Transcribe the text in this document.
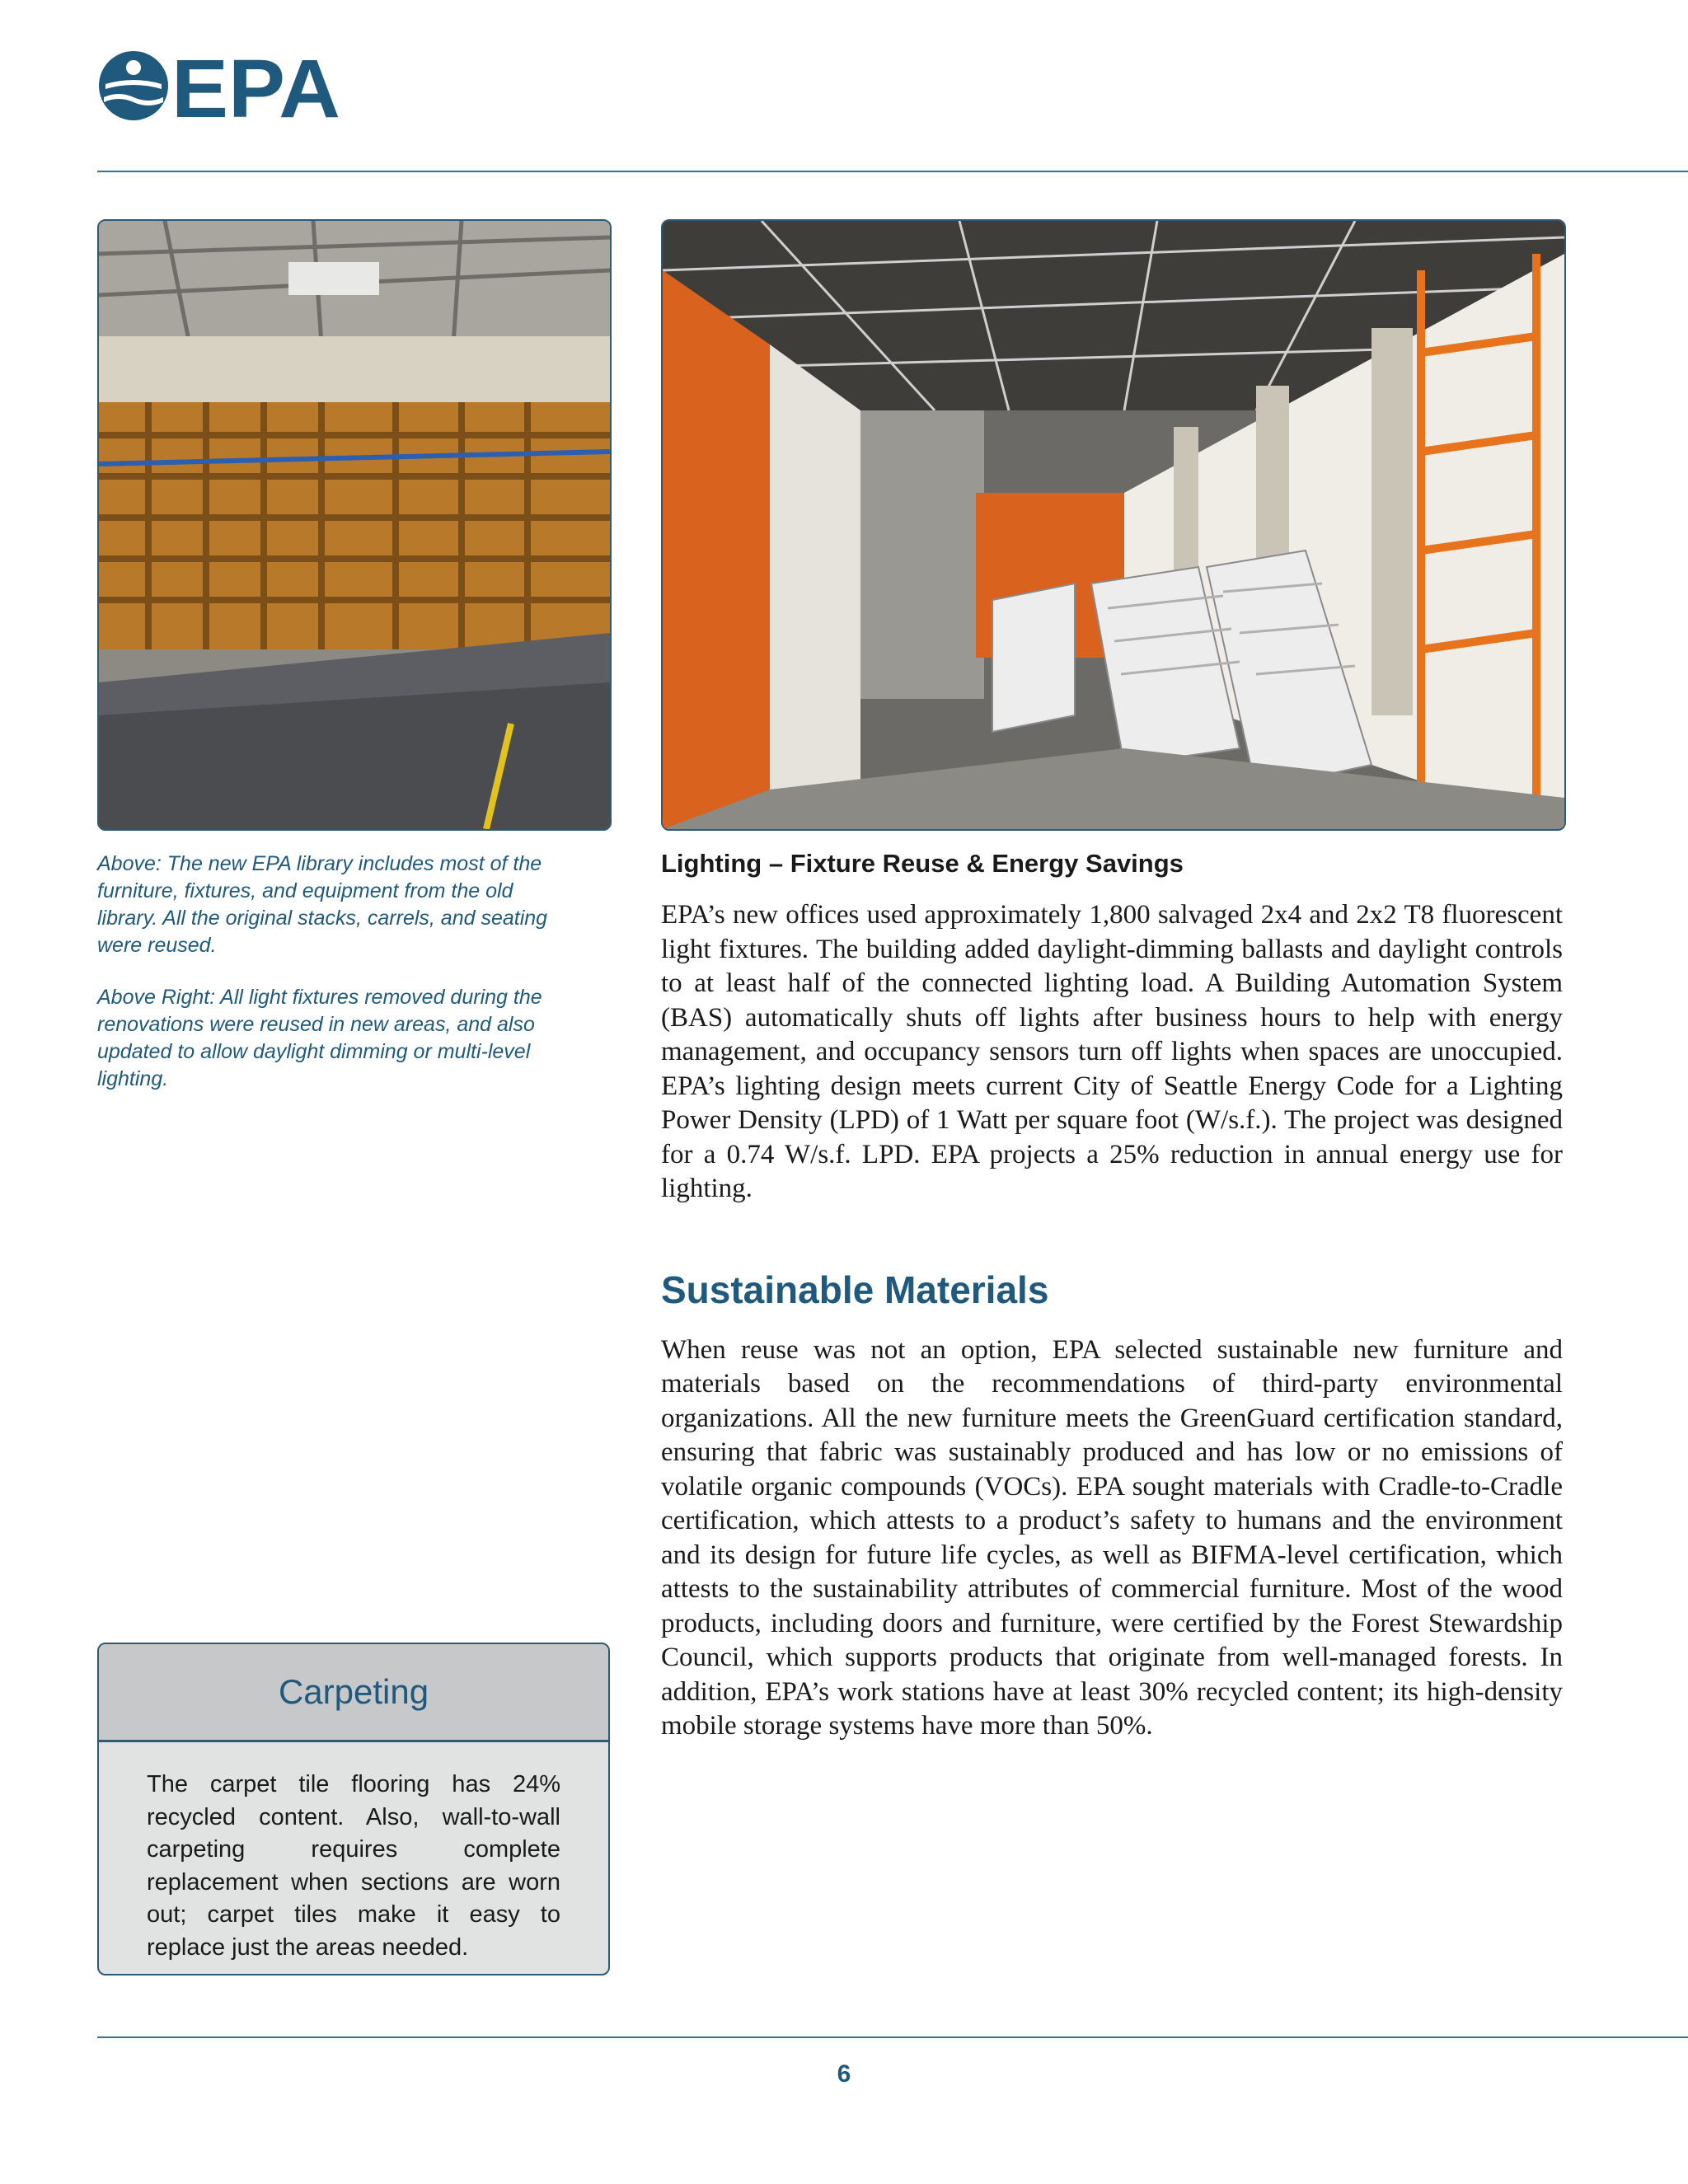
EPA

Above: The new EPA library includes most of the furniture, fixtures, and equipment from the old library. All the original stacks, carrels, and seating were reused.

Above Right: All light fixtures removed during the renovations were reused in new areas, and also updated to allow daylight dimming or multi-level lighting.

Lighting – Fixture Reuse & Energy Savings

EPA’s new offices used approximately 1,800 salvaged 2x4 and 2x2 T8 fluorescent light fixtures. The building added daylight-dimming ballasts and daylight controls to at least half of the connected lighting load. A Building Automation System (BAS) automatically shuts off lights after business hours to help with energy management, and occupancy sensors turn off lights when spaces are unoccupied. EPA’s lighting design meets current City of Seattle Energy Code for a Lighting Power Density (LPD) of 1 Watt per square foot (W/s.f.). The project was designed for a 0.74 W/s.f. LPD. EPA projects a 25% reduction in annual energy use for lighting.

Sustainable Materials

When reuse was not an option, EPA selected sustainable new furniture and materials based on the recommendations of third-party environmental organizations. All the new furniture meets the GreenGuard certification standard, ensuring that fabric was sustainably produced and has low or no emissions of volatile organic compounds (VOCs). EPA sought materials with Cradle-to-Cradle certification, which attests to a product’s safety to humans and the environment and its design for future life cycles, as well as BIFMA-level certification, which attests to the sustainability attributes of commercial furniture. Most of the wood products, including doors and furniture, were certified by the Forest Stewardship Council, which supports products that originate from well-managed forests. In addition, EPA’s work stations have at least 30% recycled content; its high-density mobile storage systems have more than 50%.

Carpeting
The carpet tile flooring has 24% recycled content. Also, wall-to-wall carpeting requires complete replacement when sections are worn out; carpet tiles make it easy to replace just the areas needed.
6
